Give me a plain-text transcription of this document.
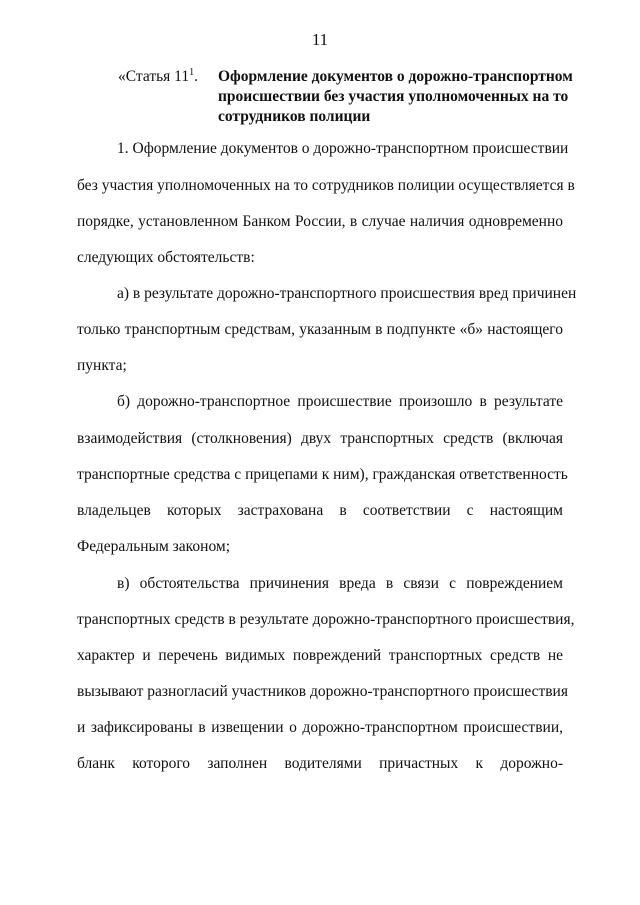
11
«Статья $11^1$. Оформление документов о дорожно-транспортном
происшествии без участия уполномоченных на то
сотрудников полиции
1. Оформление документов о дорожно-транспортном происшествии
без участия уполномоченных на то сотрудников полиции осуществляется в
порядке, установленном Банком России, в случае наличия одновременно
следующих обстоятельств:
а) в результате дорожно-транспортного происшествия вред причинен
только транспортным средствам, указанным в подпункте «б» настоящего
пункта;
б) дорожно-транспортное происшествие произошло в результате
взаимодействия (столкновения) двух транспортных средств (включая
транспортные средства с прицепами к ним), гражданская ответственность
владельцев которых застрахована в соответствии с настоящим
Федеральным законом;
в) обстоятельства причинения вреда в связи с повреждением
транспортных средств в результате дорожно-транспортного происшествия,
характер и перечень видимых повреждений транспортных средств не
вызывают разногласий участников дорожно-транспортного происшествия
и зафиксированы в извещении о дорожно-транспортном происшествии,
бланк которого заполнен водителями причастных к дорожно-
